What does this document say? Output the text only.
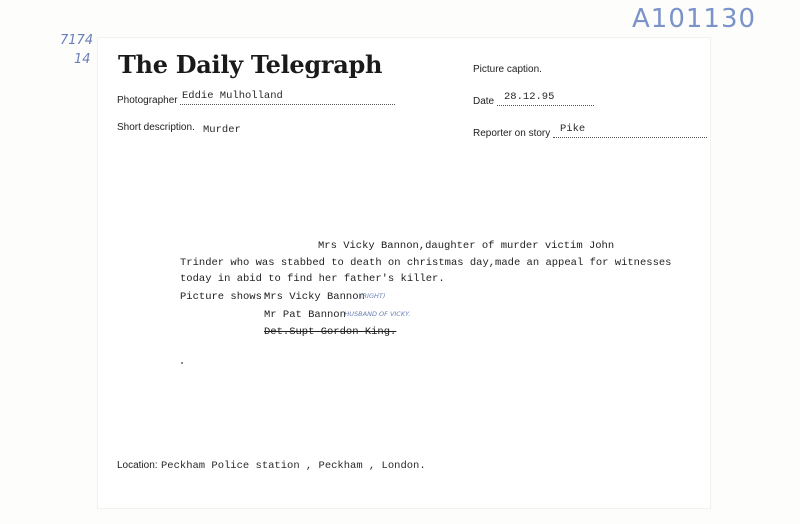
7174
14
A101130
The Daily Telegraph	Picture caption.
Photographer Eddie Mulholland	Date 28.12.95
Short description. Murder	Reporter on story Pike
Mrs Vicky Bannon,daughter of murder victim John
Trinder who was stabbed to death on christmas day,made an appeal for witnesses
today in abid to find her father's killer.
Picture shows:
Mrs Vicky Bannon
(RIGHT)
Mr Pat Bannon
- HUSBAND OF VICKY.
Det.Supt Gordon King.
Location: Peckham Police station , Peckham , London.
